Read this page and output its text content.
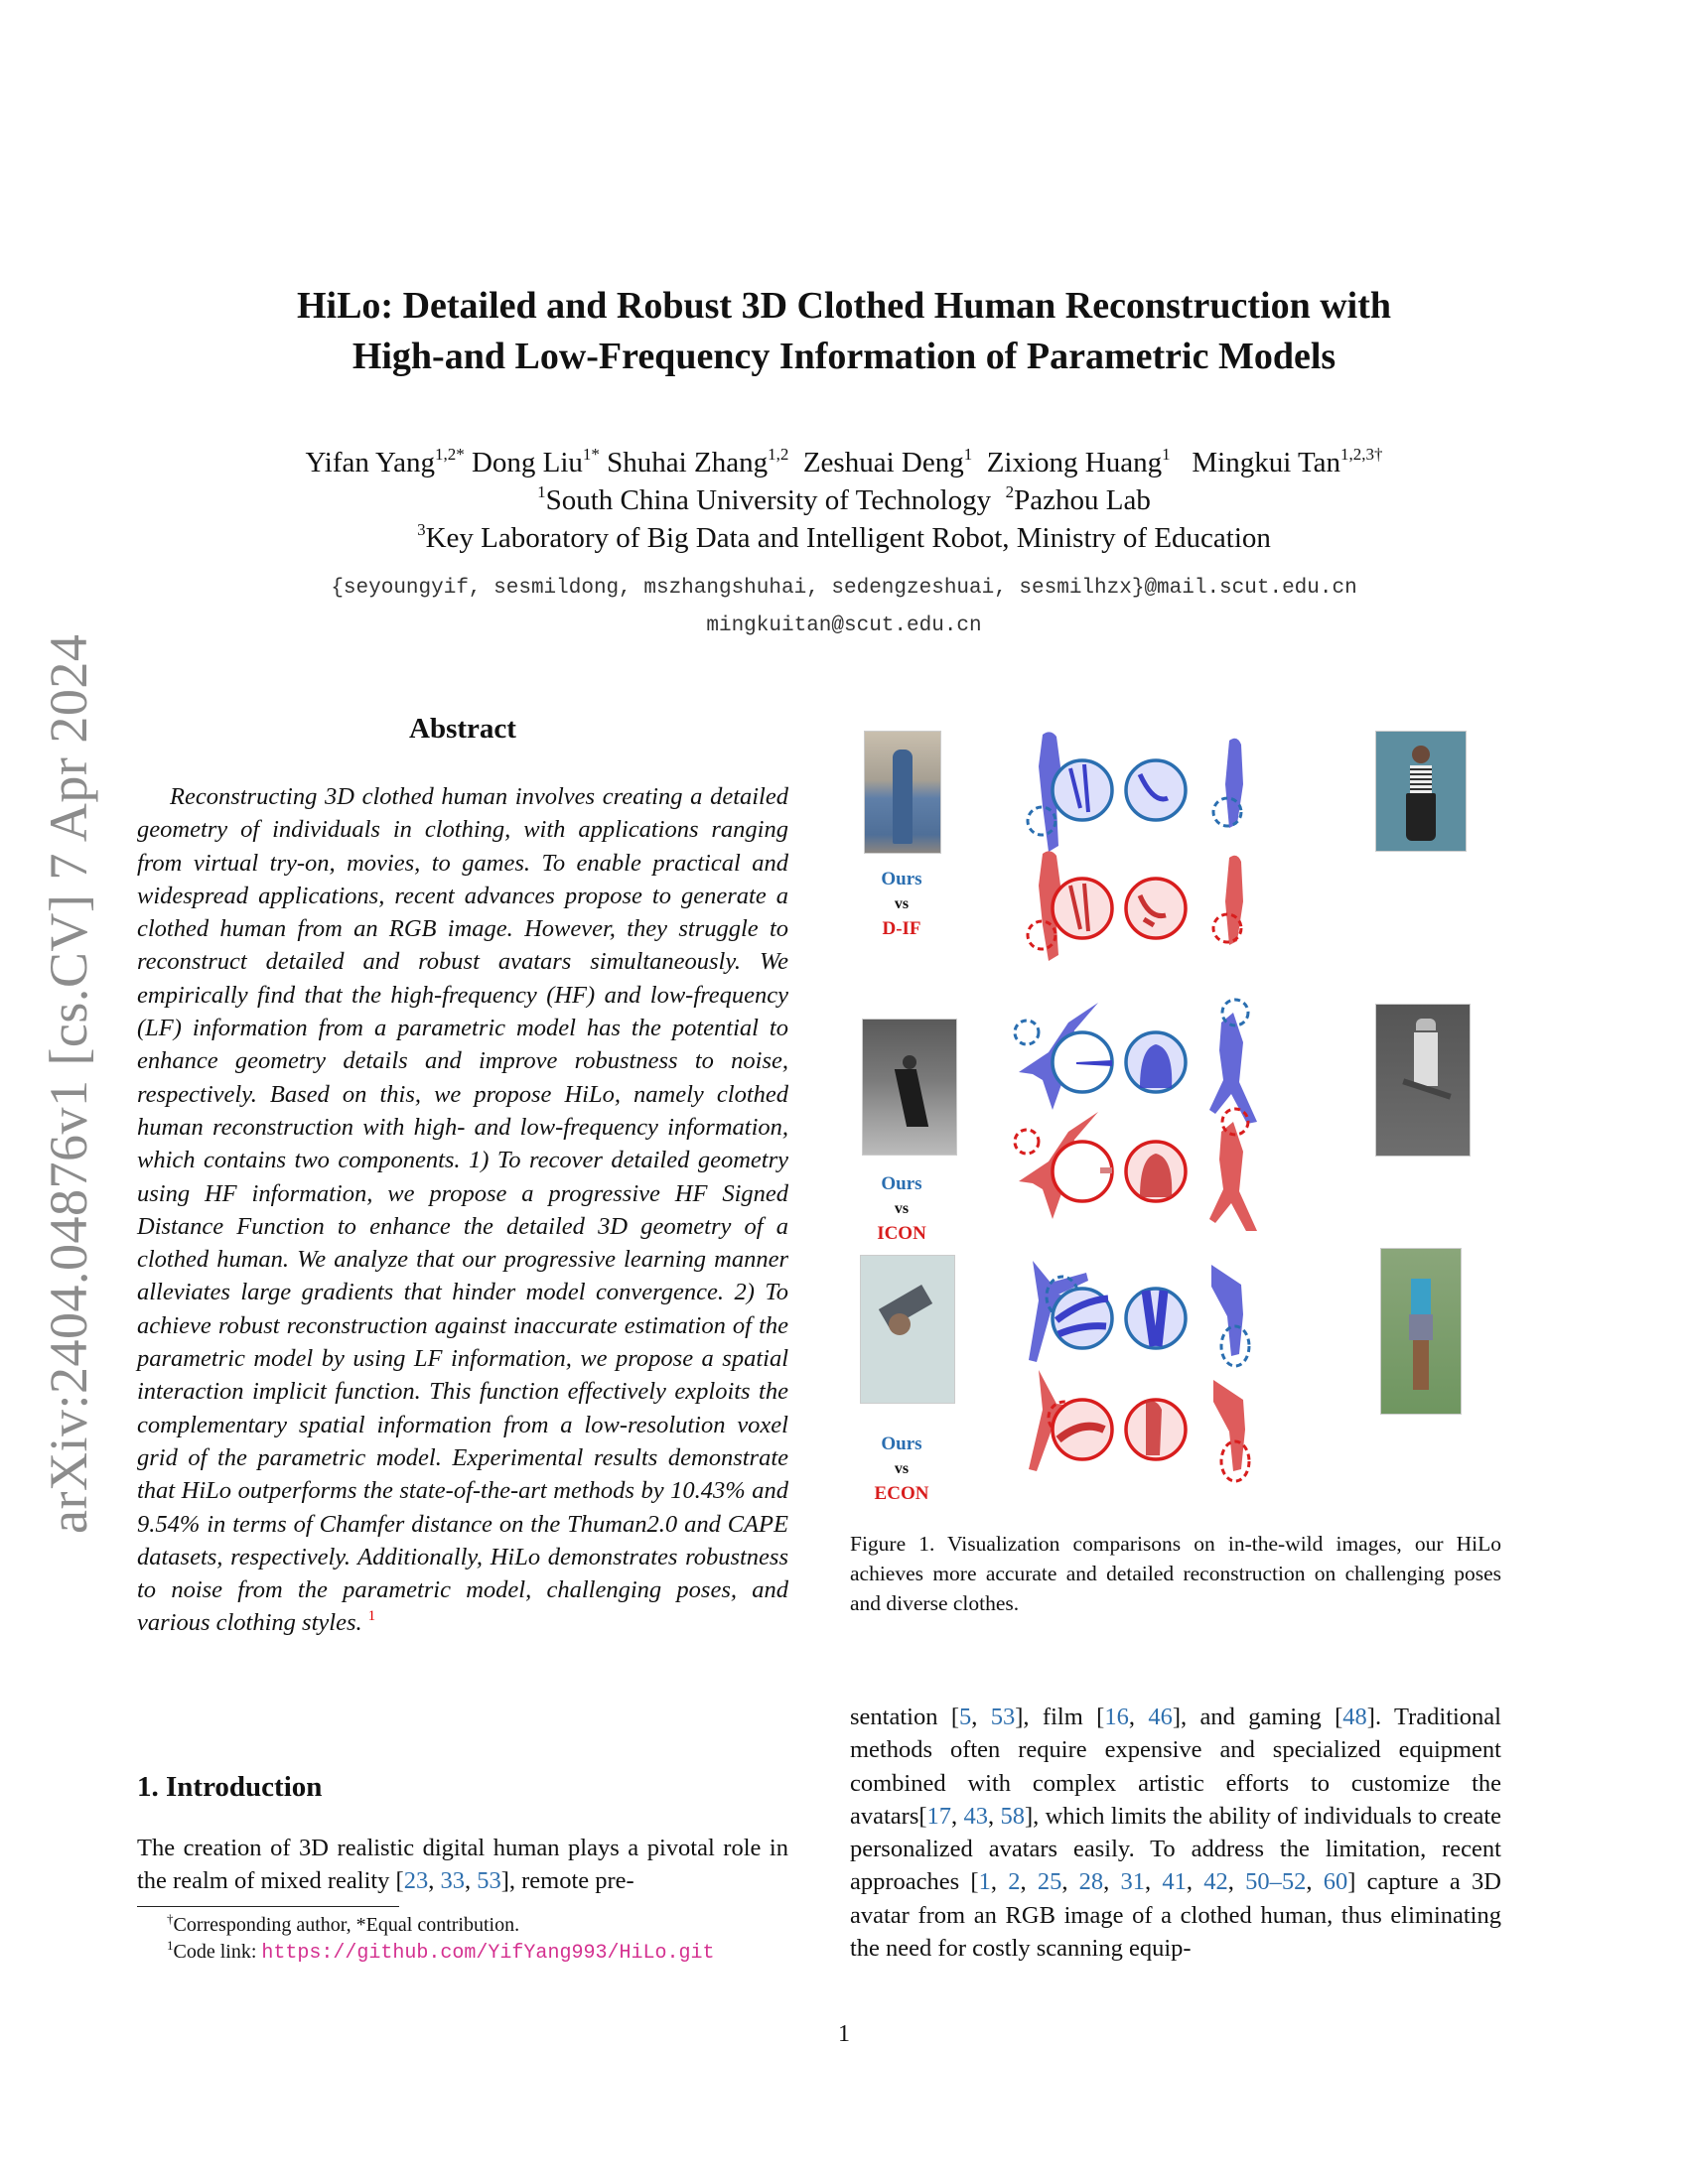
arXiv:2404.04876v1 [cs.CV] 7 Apr 2024
HiLo: Detailed and Robust 3D Clothed Human Reconstruction with
High-and Low-Frequency Information of Parametric Models
Yifan Yang$^{1,2*}$ Dong Liu$^{1*}$ Shuhai Zhang$^{1,2}$ Zeshuai Deng$^1$ Zixiong Huang$^1$ Mingkui Tan$^{1,2,3\dagger}$
$^1$South China University of Technology $^2$Pazhou Lab
$^3$Key Laboratory of Big Data and Intelligent Robot, Ministry of Education
{seyoungyif, sesmildong, mszhangshuhai, sedengzeshuai, sesmilhzx}@mail.scut.edu.cn
mingkuitan@scut.edu.cn
Abstract
Reconstructing 3D clothed human involves creating a detailed geometry of individuals in clothing, with applications ranging from virtual try-on, movies, to games. To enable practical and widespread applications, recent advances propose to generate a clothed human from an RGB image. However, they struggle to reconstruct detailed and robust avatars simultaneously. We empirically find that the high-frequency (HF) and low-frequency (LF) information from a parametric model has the potential to enhance geometry details and improve robustness to noise, respectively. Based on this, we propose HiLo, namely clothed human reconstruction with high- and low-frequency information, which contains two components. 1) To recover detailed geometry using HF information, we propose a progressive HF Signed Distance Function to enhance the detailed 3D geometry of a clothed human. We analyze that our progressive learning manner alleviates large gradients that hinder model convergence. 2) To achieve robust reconstruction against inaccurate estimation of the parametric model by using LF information, we propose a spatial interaction implicit function. This function effectively exploits the complementary spatial information from a low-resolution voxel grid of the parametric model. Experimental results demonstrate that HiLo outperforms the state-of-the-art methods by 10.43% and 9.54% in terms of Chamfer distance on the Thuman2.0 and CAPE datasets, respectively. Additionally, HiLo demonstrates robustness to noise from the parametric model, challenging poses, and various clothing styles. $^1$
1. Introduction
The creation of 3D realistic digital human plays a pivotal role in the realm of mixed reality [23, 33, 53], remote pre-
†Corresponding author, *Equal contribution.
$^1$Code link: https://github.com/YifYang993/HiLo.git
Ours
vs
D-IF
Ours
vs
ICON
Ours
vs
ECON
Figure 1. Visualization comparisons on in-the-wild images, our HiLo achieves more accurate and detailed reconstruction on challenging poses and diverse clothes.
sentation [5, 53], film [16, 46], and gaming [48]. Traditional methods often require expensive and specialized equipment combined with complex artistic efforts to customize the avatars[17, 43, 58], which limits the ability of individuals to create personalized avatars easily. To address the limitation, recent approaches [1, 2, 25, 28, 31, 41, 42, 50–52, 60] capture a 3D avatar from an RGB image of a clothed human, thus eliminating the need for costly scanning equip-
1
